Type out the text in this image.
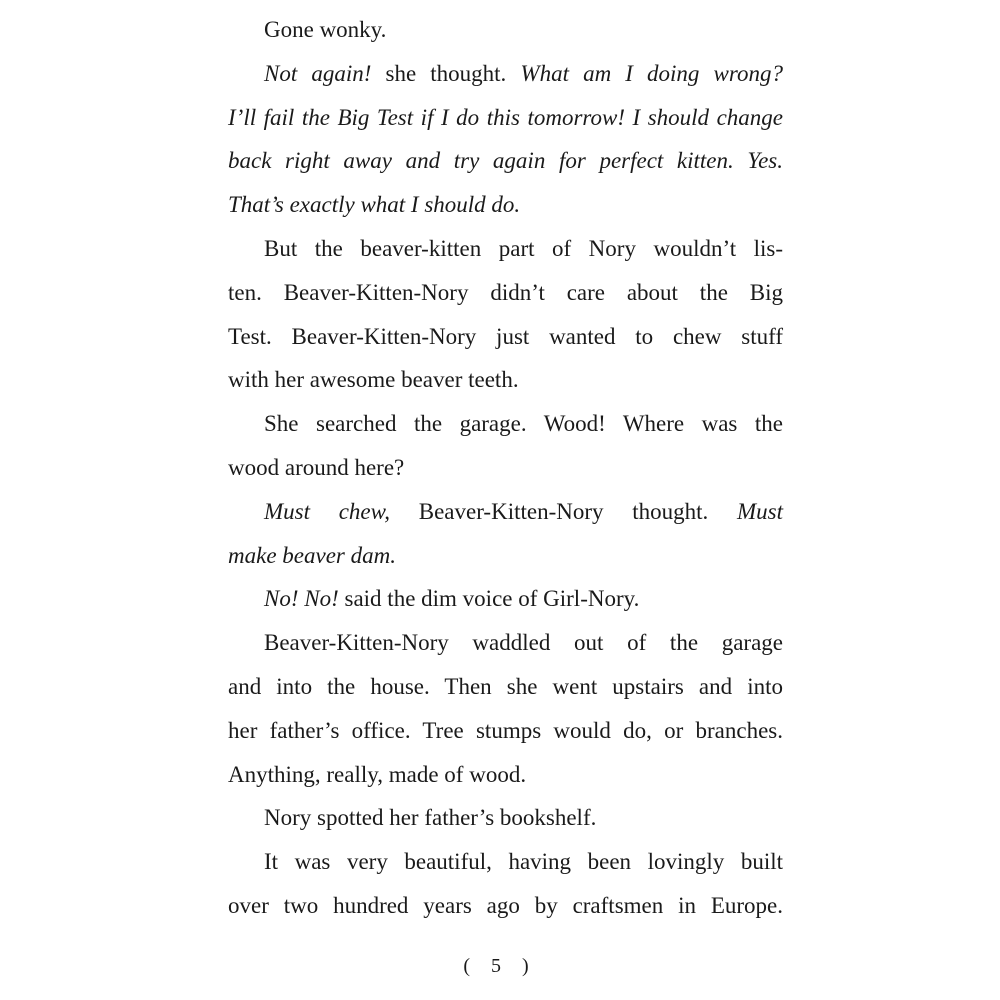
Gone wonky.
Not again! she thought. What am I doing wrong?
I’ll fail the Big Test if I do this tomorrow! I should change
back right away and try again for perfect kitten. Yes.
That’s exactly what I should do.
But the beaver-kitten part of Nory wouldn’t lis-
ten. Beaver-Kitten-Nory didn’t care about the Big
Test. Beaver-Kitten-Nory just wanted to chew stuff
with her awesome beaver teeth.
She searched the garage. Wood! Where was the
wood around here?
Must chew, Beaver-Kitten-Nory thought. Must
make beaver dam.
No! No! said the dim voice of Girl-Nory.
Beaver-Kitten-Nory waddled out of the garage
and into the house. Then she went upstairs and into
her father’s office. Tree stumps would do, or branches.
Anything, really, made of wood.
Nory spotted her father’s bookshelf.
It was very beautiful, having been lovingly built
over two hundred years ago by craftsmen in Europe.
( 5 )
